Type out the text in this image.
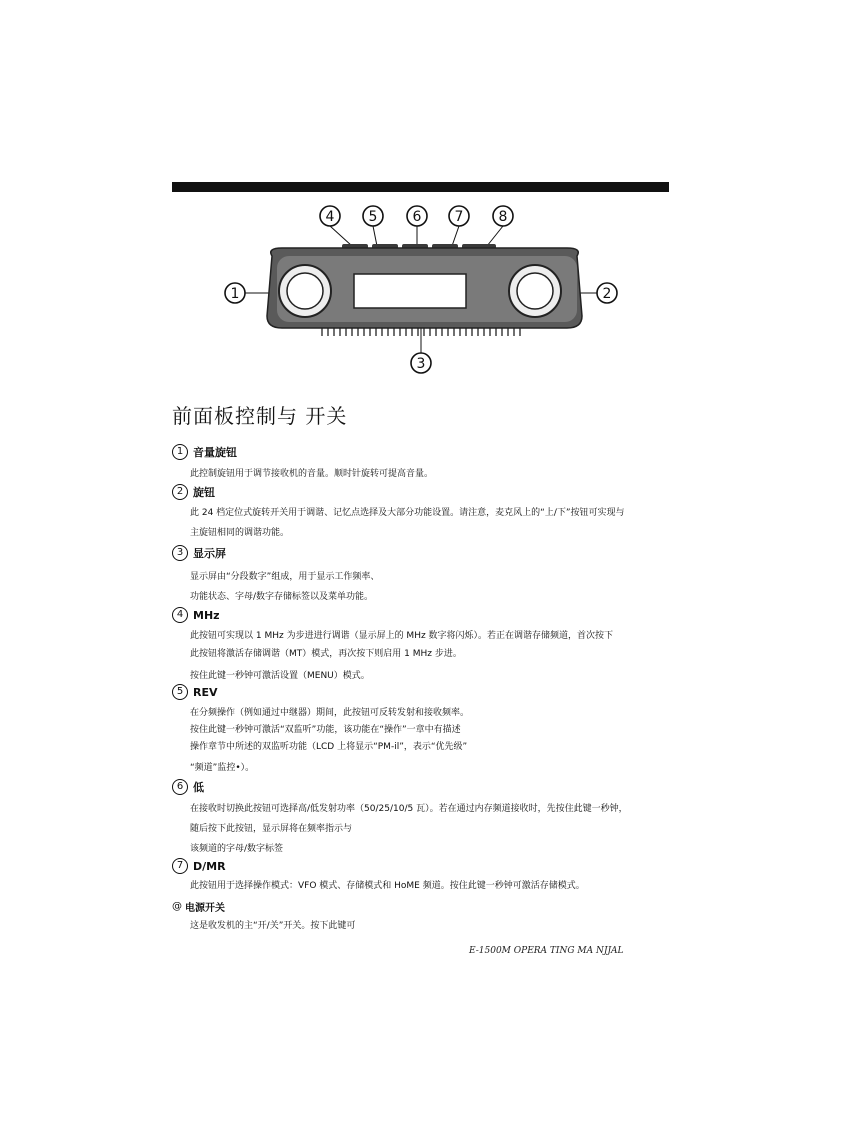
4 5	6 7	8
1	2
3
前面板控制与 开关
1 音量旋钮
此控制旋钮用于调节接收机的音量。顺时针旋转可提高音量。
2 旋钮
此 24 档定位式旋转开关用于调谐、记忆点选择及大部分功能设置。请注意，麦克风上的“上/下”按钮可实现与
主旋钮相同的调谐功能。
3 显示屏
显示屏由“分段数字”组成，用于显示工作频率、
功能状态、字母/数字存储标签以及菜单功能。
4 MHz
此按钮可实现以 1 MHz 为步进进行调谐（显示屏上的 MHz 数字将闪烁）。若正在调谐存储频道，首次按下
此按钮将激活存储调谐（MT）模式，再次按下则启用 1 MHz 步进。
按住此键一秒钟可激活设置（MENU）模式。
5 REV
在分频操作（例如通过中继器）期间，此按钮可反转发射和接收频率。
按住此键一秒钟可激活“双监听”功能，该功能在“操作”一章中有描述
操作章节中所述的双监听功能（LCD 上将显示“PM-il”，表示“优先级”
“频道”监控•）。
6 低
在接收时切换此按钮可选择高/低发射功率（50/25/10/5 瓦）。若在通过内存频道接收时，先按住此键一秒钟，
随后按下此按钮，显示屏将在频率指示与
该频道的字母/数字标签
7 D/MR
此按钮用于选择操作模式：VFO 模式、存储模式和 HoME 频道。按住此键一秒钟可激活存储模式。
@ 电源开关
这是收发机的主“开/关”开关。按下此键可
E-1500M OPERA TING MA NJJAL
